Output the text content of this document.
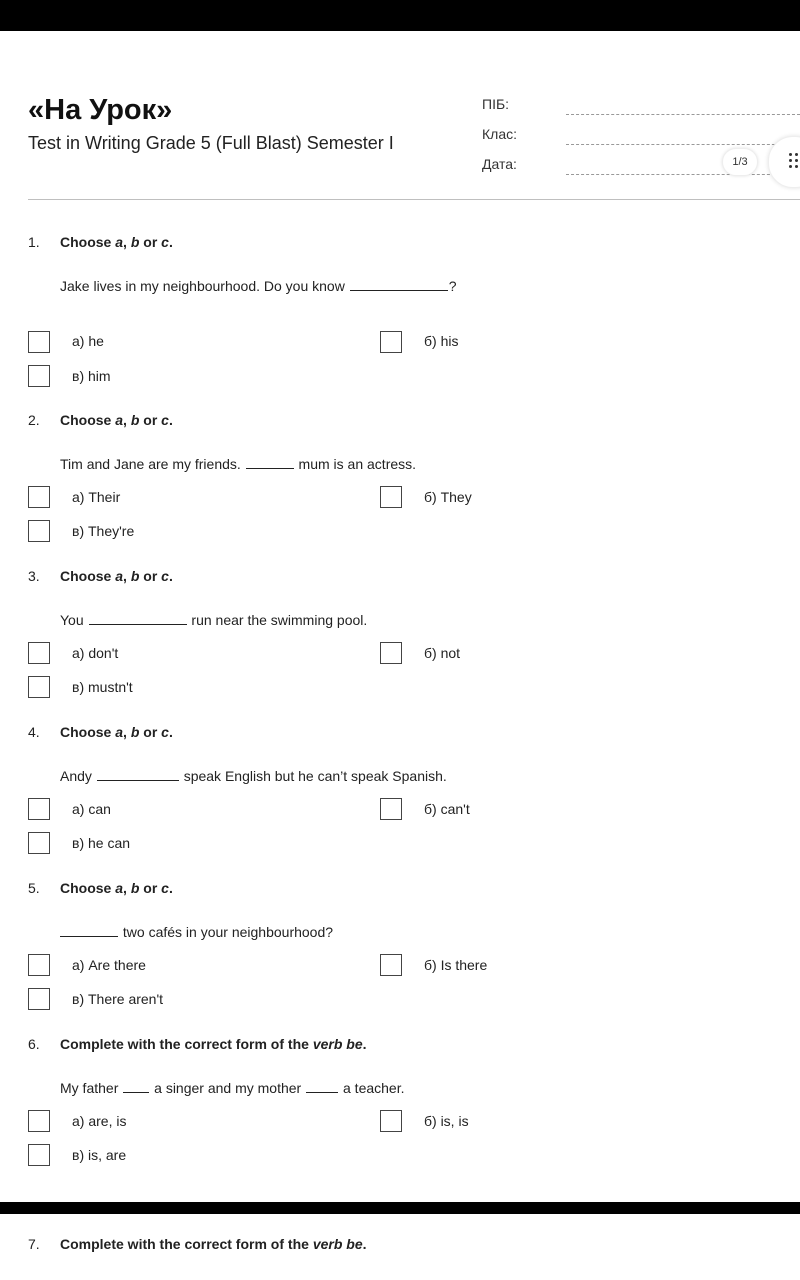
«На Урок»
Test in Writing Grade 5 (Full Blast) Semester I
ПІБ:
Клас:
Дата:	1/3
1. Choose a, b or c.
Jake lives in my neighbourhood. Do you know	?
а) he	б) his
в) him
2. Choose a, b or c.
Tim and Jane are my friends.	mum is an actress.
а) Their	б) They
в) They're
3. Choose a, b or c.
You	run near the swimming pool.
а) don't	б) not
в) mustn't
4. Choose a, b or c.
Andy	speak English but he can’t speak Spanish.
а) can	б) can't
в) he can
5. Choose a, b or c.
two cafés in your neighbourhood?
а) Are there	б) Is there
в) There aren't
6. Complete with the correct form of the verb be.
My father  a singer and my mother  a teacher.
а) are, is	б) is, is
в) is, are
7. Complete with the correct form of the verb be.
